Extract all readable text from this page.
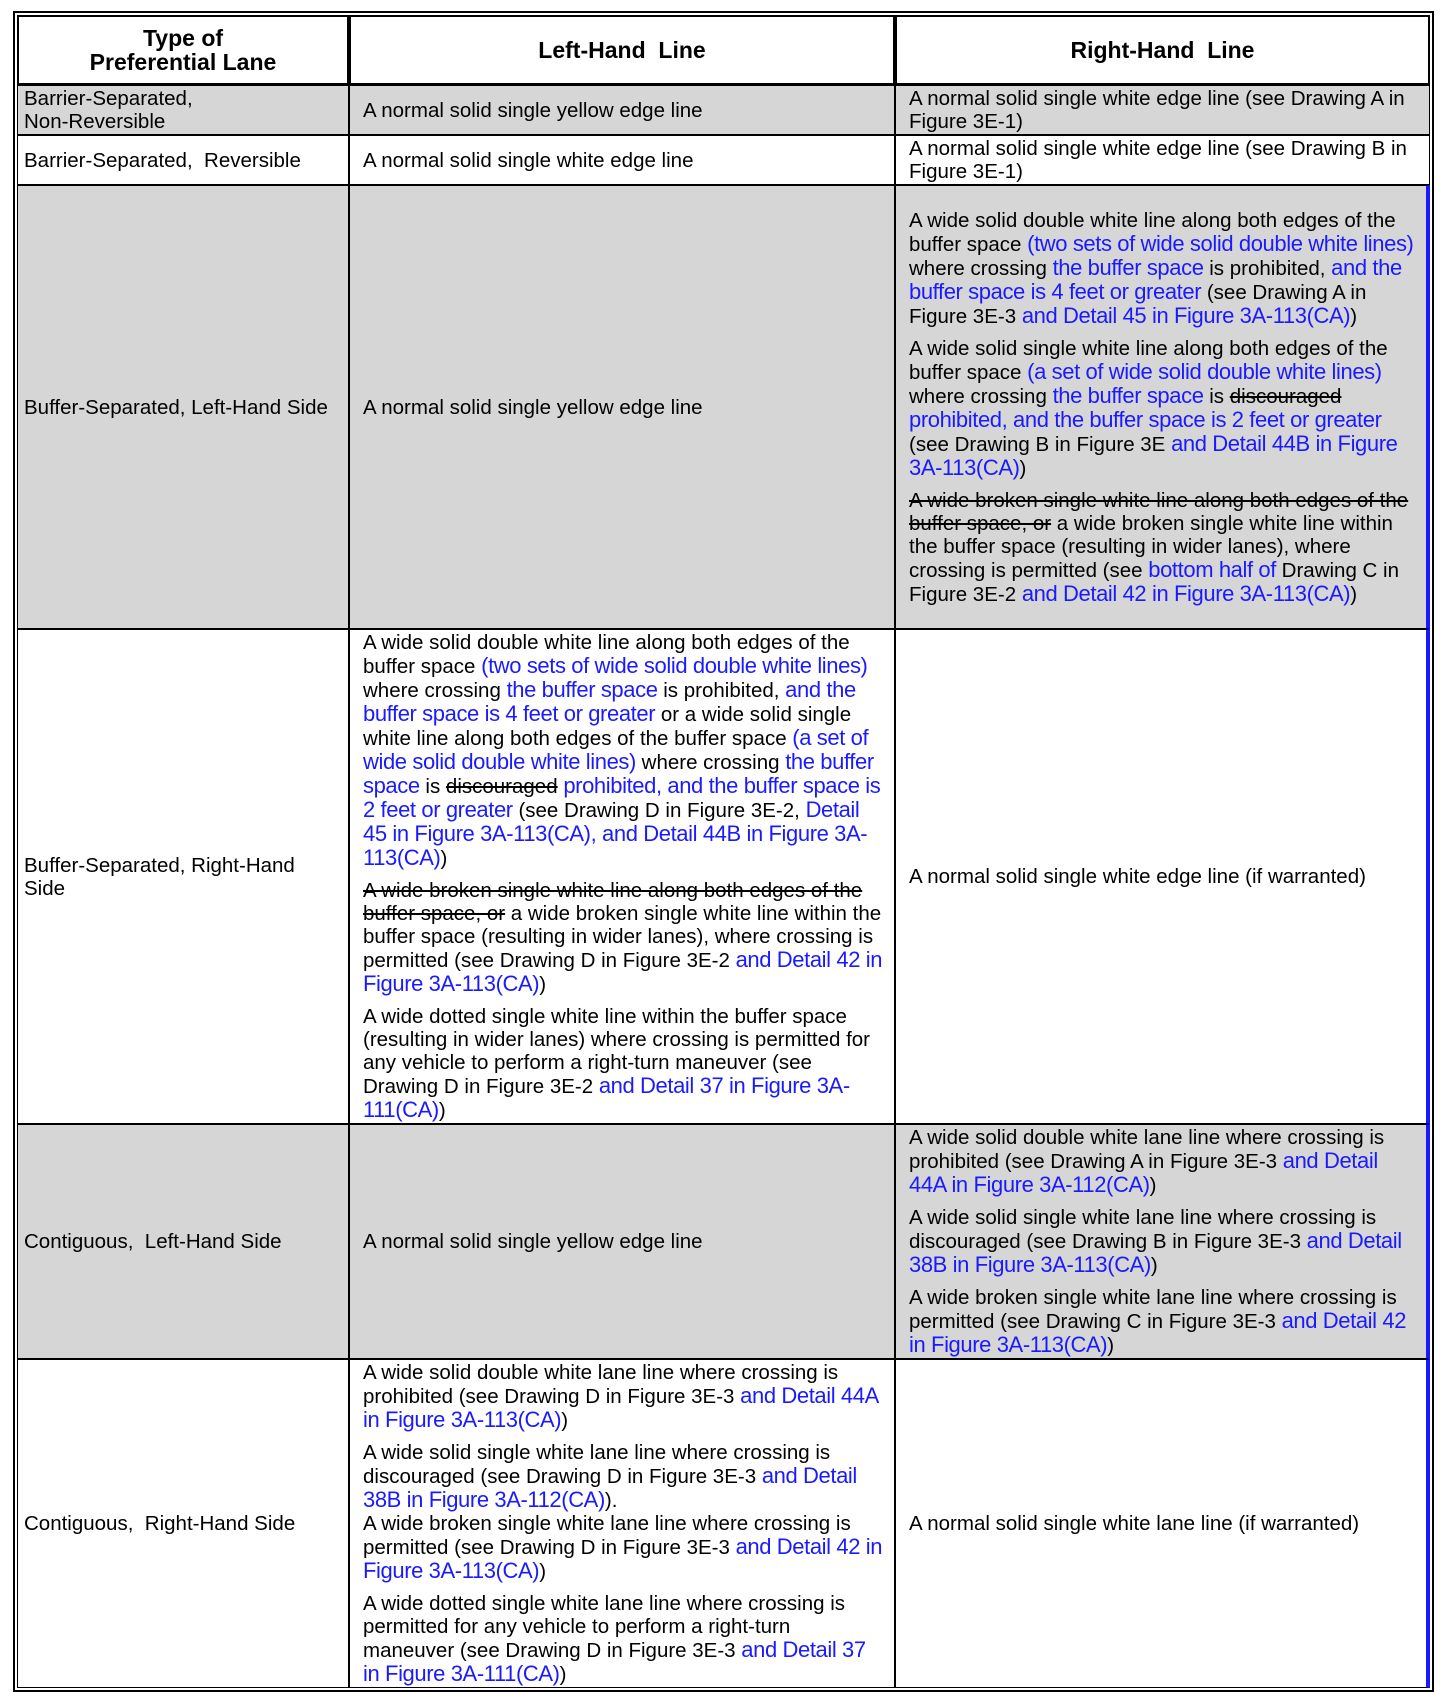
Type of Preferential Lane	Left-Hand  Line	Right-Hand  Line
Barrier-Separated,
Non-Reversible	A normal solid single yellow edge line	A normal solid single white edge line (see Drawing A in Figure 3E-1)

Barrier-Separated,  Reversible	A normal solid single white edge line	A normal solid single white edge line (see Drawing B in Figure 3E-1)

Buffer-Separated, Left-Hand Side	A normal solid single yellow edge line	A wide solid double white line along both edges of the buffer space (two sets of wide solid double white lines) where crossing the buffer space is prohibited, and the buffer space is 4 feet or greater (see Drawing A in Figure 3E-3 and Detail 45 in Figure 3A-113(CA))
A wide solid single white line along both edges of the buffer space (a set of wide solid double white lines) where crossing the buffer space is discouraged prohibited, and the buffer space is 2 feet or greater (see Drawing B in Figure 3E and Detail 44B in Figure 3A-113(CA))
A wide broken single white line along both edges of the buffer space, or a wide broken single white line within the buffer space (resulting in wider lanes), where crossing is permitted (see bottom half of Drawing C in Figure 3E-2 and Detail 42 in Figure 3A-113(CA))

Buffer-Separated, Right-Hand Side	A wide solid double white line along both edges of the buffer space (two sets of wide solid double white lines) where crossing the buffer space is prohibited, and the buffer space is 4 feet or greater or a wide solid single white line along both edges of the buffer space (a set of wide solid double white lines) where crossing the buffer space is discouraged prohibited, and the buffer space is 2 feet or greater (see Drawing D in Figure 3E-2, Detail 45 in Figure 3A-113(CA), and Detail 44B in Figure 3A-113(CA))
A wide broken single white line along both edges of the buffer space, or a wide broken single white line within the buffer space (resulting in wider lanes), where crossing is permitted (see Drawing D in Figure 3E-2 and Detail 42 in Figure 3A-113(CA))
A wide dotted single white line within the buffer space (resulting in wider lanes) where crossing is permitted for any vehicle to perform a right-turn maneuver (see Drawing D in Figure 3E-2 and Detail 37 in Figure 3A-111(CA))	A normal solid single white edge line (if warranted)

Contiguous,  Left-Hand Side	A normal solid single yellow edge line	A wide solid double white lane line where crossing is prohibited (see Drawing A in Figure 3E-3 and Detail 44A in Figure 3A-112(CA))
A wide solid single white lane line where crossing is discouraged (see Drawing B in Figure 3E-3 and Detail 38B in Figure 3A-113(CA))
A wide broken single white lane line where crossing is permitted (see Drawing C in Figure 3E-3 and Detail 42 in Figure 3A-113(CA))

Contiguous,  Right-Hand Side	A wide solid double white lane line where crossing is prohibited (see Drawing D in Figure 3E-3 and Detail 44A in Figure 3A-113(CA))
A wide solid single white lane line where crossing is discouraged (see Drawing D in Figure 3E-3 and Detail 38B in Figure 3A-112(CA)).
A wide broken single white lane line where crossing is permitted (see Drawing D in Figure 3E-3 and Detail 42 in Figure 3A-113(CA))
A wide dotted single white lane line where crossing is permitted for any vehicle to perform a right-turn maneuver (see Drawing D in Figure 3E-3 and Detail 37 in Figure 3A-111(CA))	A normal solid single white lane line (if warranted)
